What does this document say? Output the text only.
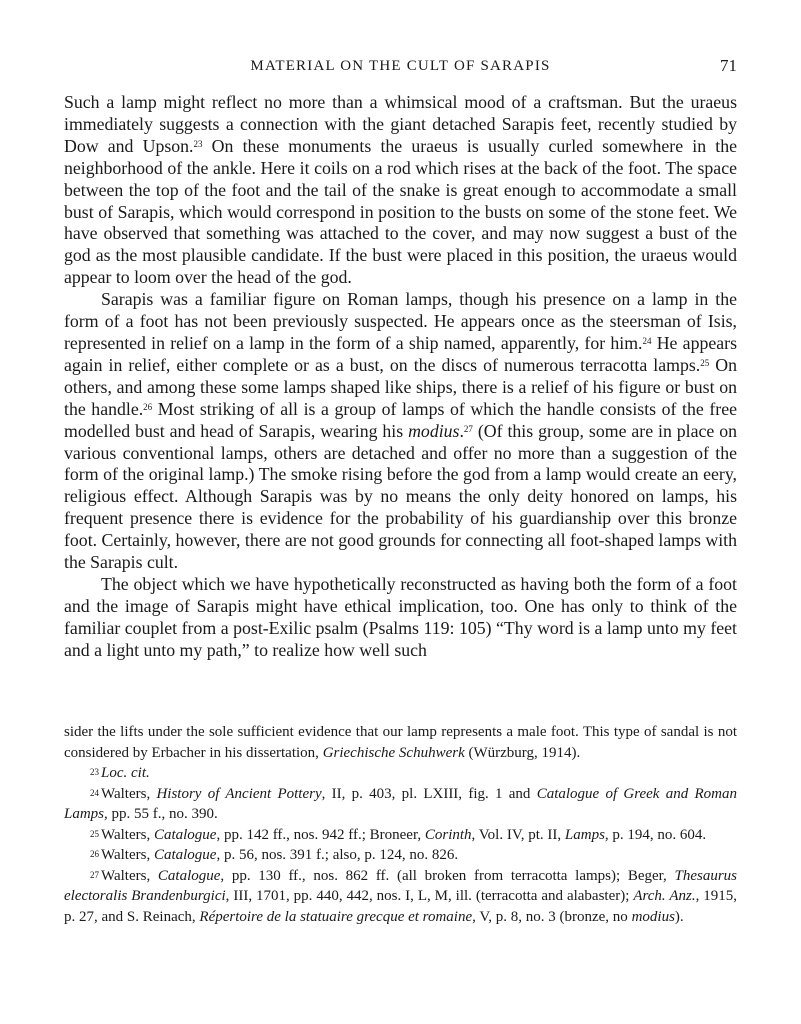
MATERIAL ON THE CULT OF SARAPIS	71

Such a lamp might reflect no more than a whimsical mood of a craftsman. But the uraeus immediately suggests a connection with the giant detached Sarapis feet, recently studied by Dow and Upson.$^{23}$ On these monuments the uraeus is usually curled somewhere in the neighborhood of the ankle. Here it coils on a rod which rises at the back of the foot. The space between the top of the foot and the tail of the snake is great enough to accommodate a small bust of Sarapis, which would correspond in position to the busts on some of the stone feet. We have observed that something was attached to the cover, and may now suggest a bust of the god as the most plausible candidate. If the bust were placed in this position, the uraeus would appear to loom over the head of the god.

Sarapis was a familiar figure on Roman lamps, though his presence on a lamp in the form of a foot has not been previously suspected. He appears once as the steersman of Isis, represented in relief on a lamp in the form of a ship named, apparently, for him.$^{24}$ He appears again in relief, either complete or as a bust, on the discs of numerous terracotta lamps.$^{25}$ On others, and among these some lamps shaped like ships, there is a relief of his figure or bust on the handle.$^{26}$ Most striking of all is a group of lamps of which the handle consists of the free modelled bust and head of Sarapis, wearing his modius.$^{27}$ (Of this group, some are in place on various conventional lamps, others are detached and offer no more than a suggestion of the form of the original lamp.) The smoke rising before the god from a lamp would create an eery, religious effect. Although Sarapis was by no means the only deity honored on lamps, his frequent presence there is evidence for the probability of his guardianship over this bronze foot. Certainly, however, there are not good grounds for connecting all foot-shaped lamps with the Sarapis cult.

The object which we have hypothetically reconstructed as having both the form of a foot and the image of Sarapis might have ethical implication, too. One has only to think of the familiar couplet from a post-Exilic psalm (Psalms 119: 105) “Thy word is a lamp unto my feet and a light unto my path,” to realize how well such

sider the lifts under the sole sufficient evidence that our lamp represents a male foot. This type of sandal is not considered by Erbacher in his dissertation, Griechische Schuhwerk (Würzburg, 1914).

$^{23}$ Loc. cit.

$^{24}$ Walters, History of Ancient Pottery, II, p. 403, pl. LXIII, fig. 1 and Catalogue of Greek and Roman Lamps, pp. 55 f., no. 390.

$^{25}$ Walters, Catalogue, pp. 142 ff., nos. 942 ff.; Broneer, Corinth, Vol. IV, pt. II, Lamps, p. 194, no. 604.

$^{26}$ Walters, Catalogue, p. 56, nos. 391 f.; also, p. 124, no. 826.

$^{27}$ Walters, Catalogue, pp. 130 ff., nos. 862 ff. (all broken from terracotta lamps); Beger, Thesaurus electoralis Brandenburgici, III, 1701, pp. 440, 442, nos. I, L, M, ill. (terracotta and alabaster); Arch. Anz., 1915, p. 27, and S. Reinach, Répertoire de la statuaire grecque et romaine, V, p. 8, no. 3 (bronze, no modius).
